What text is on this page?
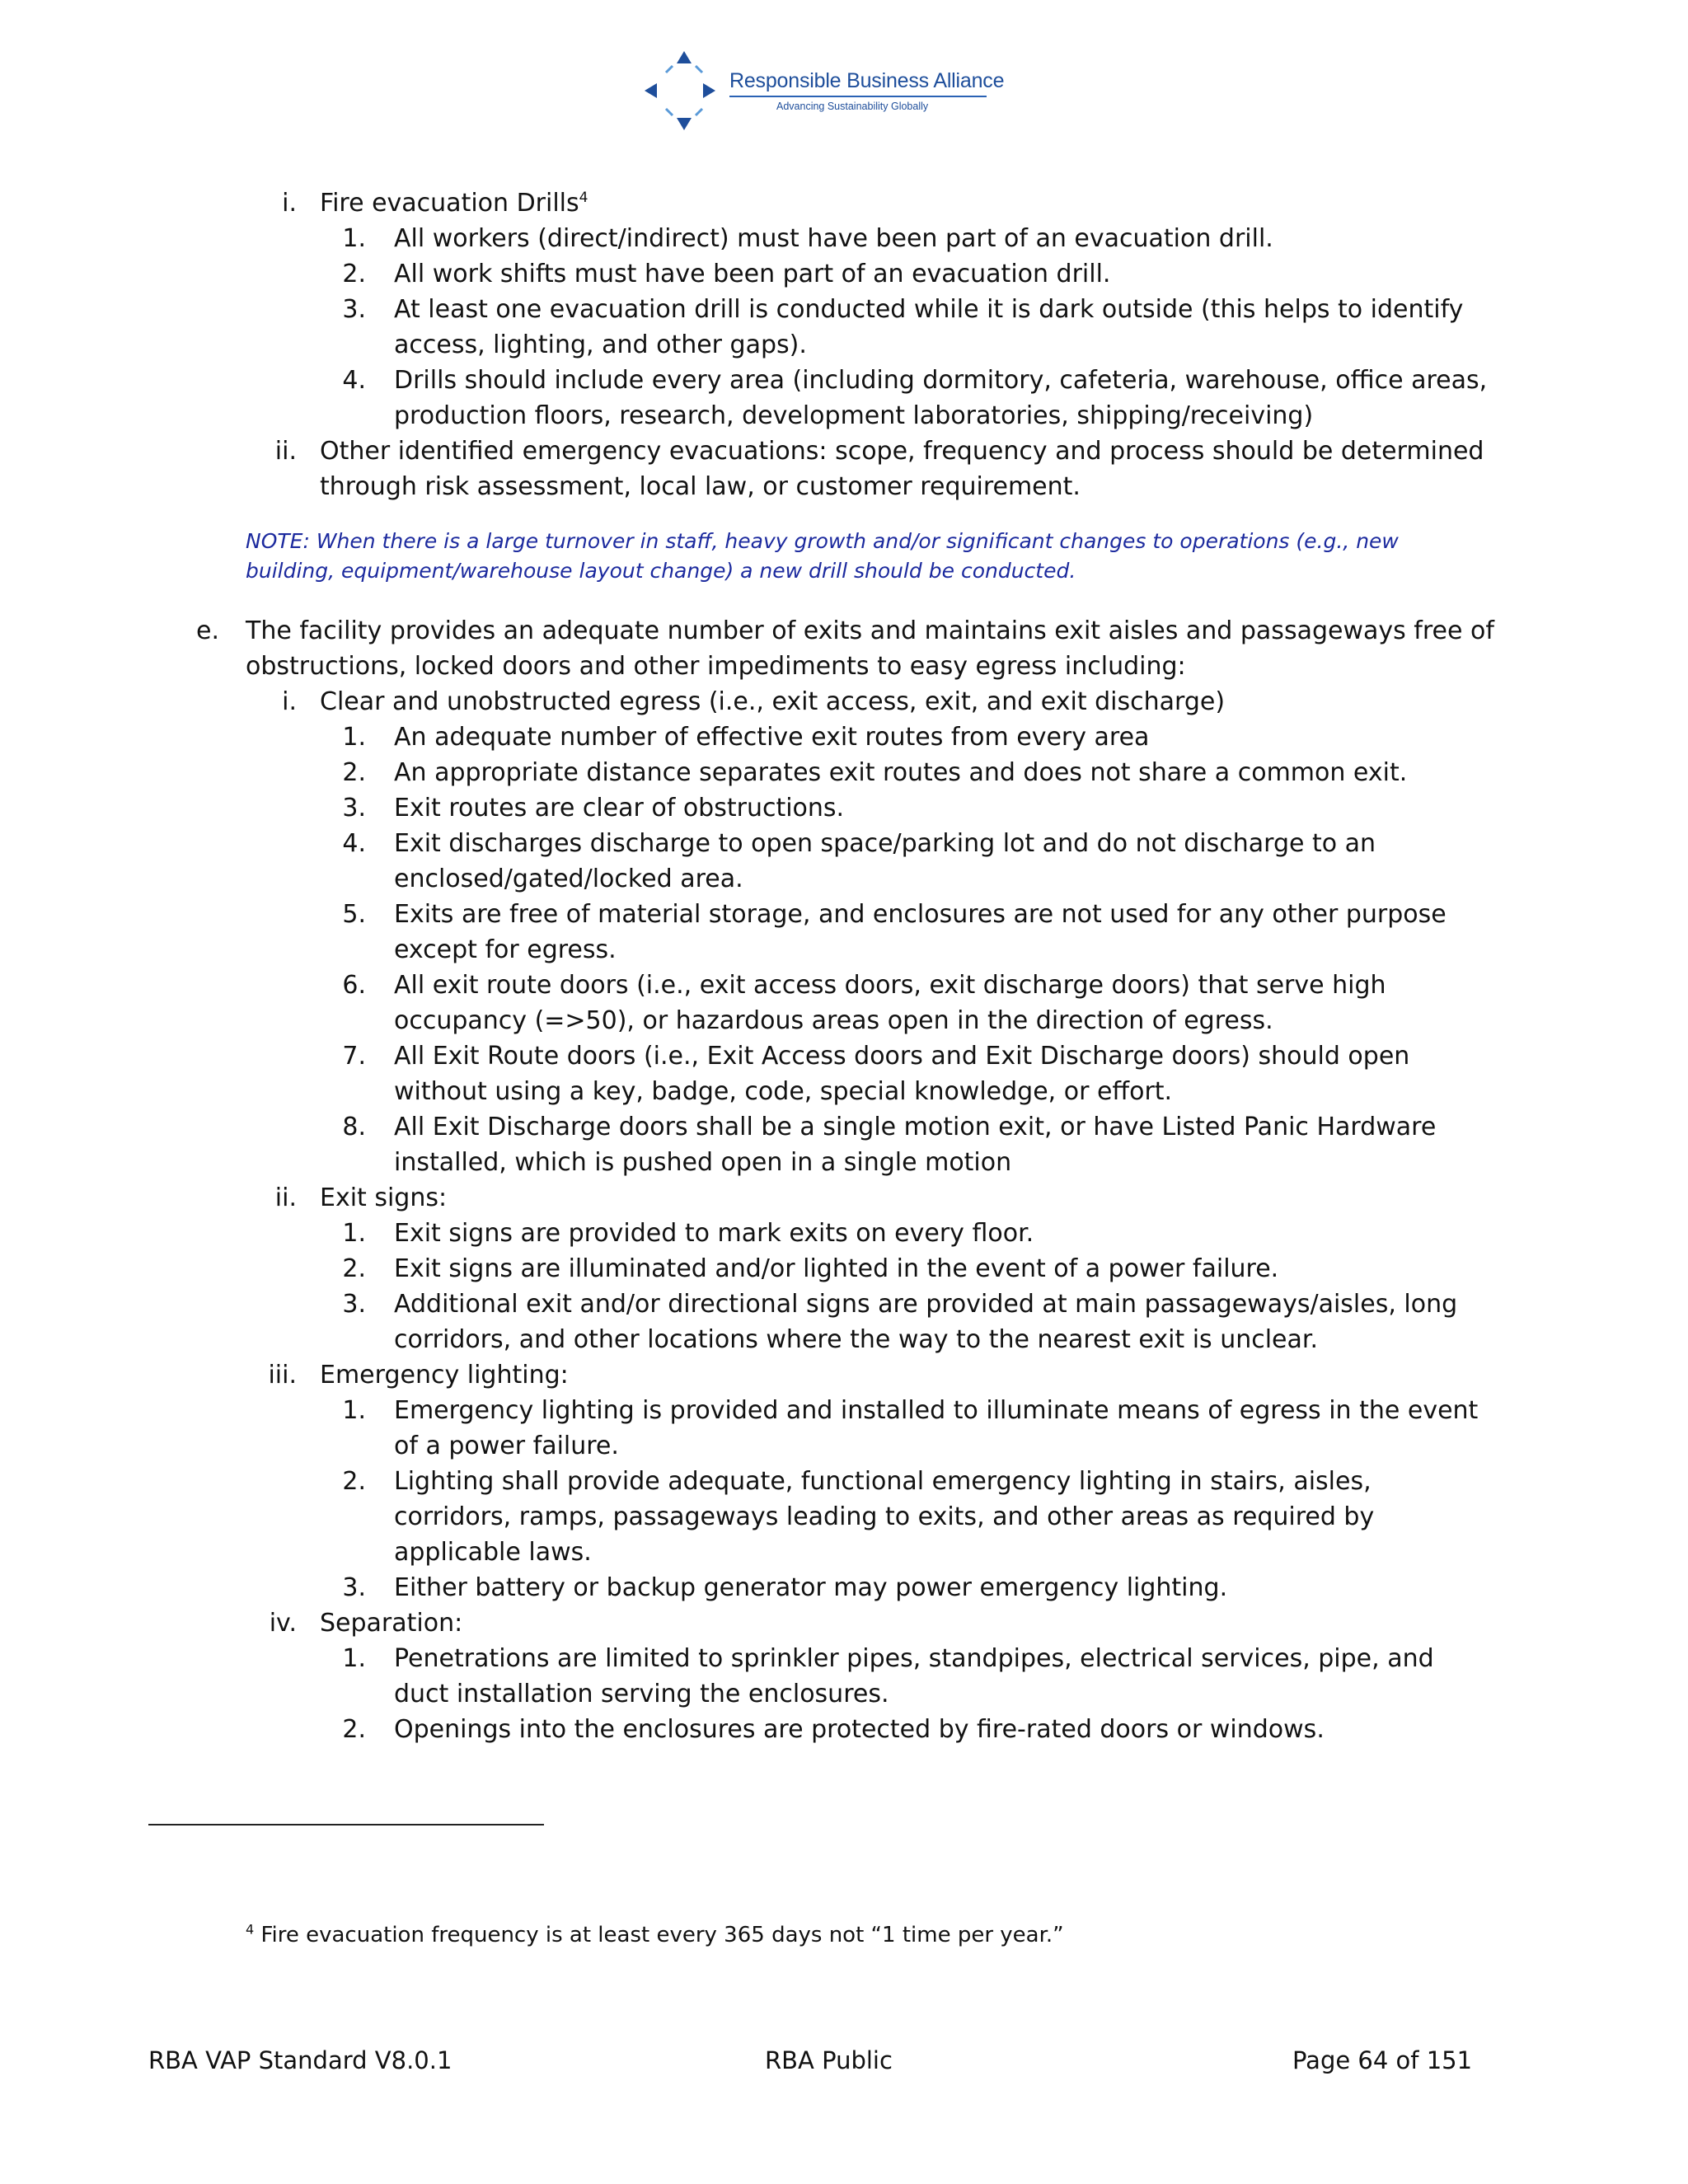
Responsible Business Alliance
Advancing Sustainability Globally
i. Fire evacuation Drills$^4$
1. All workers (direct/indirect) must have been part of an evacuation drill.
2. All work shifts must have been part of an evacuation drill.
3. At least one evacuation drill is conducted while it is dark outside (this helps to identify
access, lighting, and other gaps).
4. Drills should include every area (including dormitory, cafeteria, warehouse, office areas,
production floors, research, development laboratories, shipping/receiving)
ii. Other identified emergency evacuations: scope, frequency and process should be determined
through risk assessment, local law, or customer requirement.
NOTE: When there is a large turnover in staff, heavy growth and/or significant changes to operations (e.g., new
building, equipment/warehouse layout change) a new drill should be conducted.
e. The facility provides an adequate number of exits and maintains exit aisles and passageways free of
obstructions, locked doors and other impediments to easy egress including:
i. Clear and unobstructed egress (i.e., exit access, exit, and exit discharge)
1. An adequate number of effective exit routes from every area
2. An appropriate distance separates exit routes and does not share a common exit.
3. Exit routes are clear of obstructions.
4. Exit discharges discharge to open space/parking lot and do not discharge to an
enclosed/gated/locked area.
5. Exits are free of material storage, and enclosures are not used for any other purpose
except for egress.
6. All exit route doors (i.e., exit access doors, exit discharge doors) that serve high
occupancy (=>50), or hazardous areas open in the direction of egress.
7. All Exit Route doors (i.e., Exit Access doors and Exit Discharge doors) should open
without using a key, badge, code, special knowledge, or effort.
8. All Exit Discharge doors shall be a single motion exit, or have Listed Panic Hardware
installed, which is pushed open in a single motion
ii. Exit signs:
1. Exit signs are provided to mark exits on every floor.
2. Exit signs are illuminated and/or lighted in the event of a power failure.
3. Additional exit and/or directional signs are provided at main passageways/aisles, long
corridors, and other locations where the way to the nearest exit is unclear.
iii. Emergency lighting:
1. Emergency lighting is provided and installed to illuminate means of egress in the event
of a power failure.
2. Lighting shall provide adequate, functional emergency lighting in stairs, aisles,
corridors, ramps, passageways leading to exits, and other areas as required by
applicable laws.
3. Either battery or backup generator may power emergency lighting.
iv. Separation:
1. Penetrations are limited to sprinkler pipes, standpipes, electrical services, pipe, and
duct installation serving the enclosures.
2. Openings into the enclosures are protected by fire-rated doors or windows.
$^4$ Fire evacuation frequency is at least every 365 days not “1 time per year.”
RBA VAP Standard V8.0.1	RBA Public	Page 64 of 151
